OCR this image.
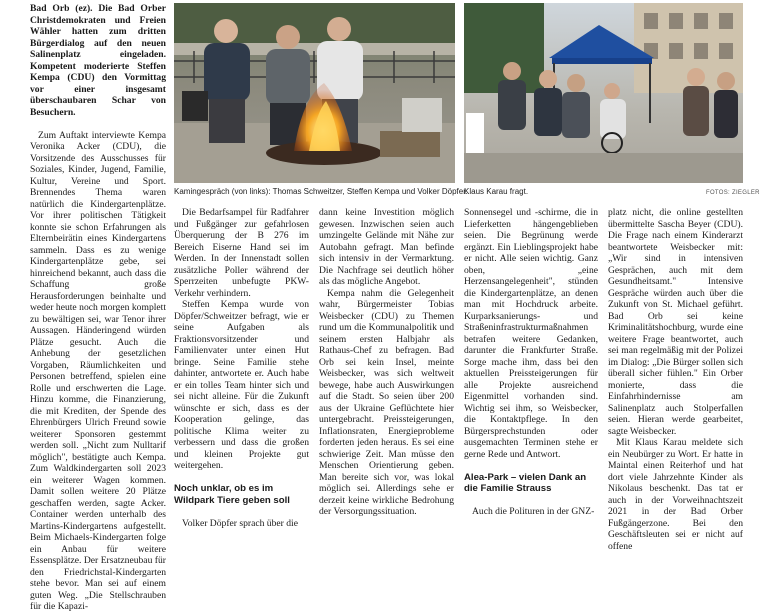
Bad Orb (ez). Die Bad Orber Christdemokraten und Freien Wähler hatten zum dritten Bürgerdialog auf den neuen Salinenplatz eingeladen. Kompetent moderierte Steffen Kempa (CDU) den Vormittag vor einer insgesamt überschaubaren Schar von Besuchern.

Zum Auftakt interviewte Kempa Veronika Acker (CDU), die Vorsitzende des Ausschusses für Soziales, Kinder, Jugend, Familie, Kultur, Vereine und Sport. Brennendes Thema waren natürlich die Kindergartenplätze. Vor ihrer politischen Tätigkeit konnte sie schon Erfahrungen als Elternbeirätin eines Kindergartens sammeln. Dass es zu wenige Kindergartenplätze gebe, sei hinreichend bekannt, auch dass die Schaffung große Herausforderungen beinhalte und weder heute noch morgen komplett zu bewältigen sei, war Tenor ihrer Aussagen. Händeringend würden Plätze gesucht. Auch die Anhebung der gesetzlichen Vorgaben, Räumlichkeiten und Personen betreffend, spielen eine Rolle und erschwerten die Lage. Hinzu komme, die Finanzierung, die mit Krediten, der Spende des Ehrenbürgers Ulrich Freund sowie weiterer Sponsoren gestemmt werden soll. „Nicht zum Nulltarif möglich", bestätigte auch Kempa. Zum Waldkindergarten soll 2023 ein weiterer Wagen kommen. Damit sollen weitere 20 Plätze geschaffen werden, sagte Acker. Container werden unterhalb des Martins-Kindergartens aufgestellt. Beim Michaels-Kindergarten folge ein Anbau für weitere Essensplätze. Der Ersatzneubau für den Friedrichstal-Kindergarten stehe bevor. Man sei auf einem guten Weg. „Die Stellschrauben für die Kapazi-

Kamingespräch (von links): Thomas Schweitzer, Steffen Kempa und Volker Döpfer.
Klaus Karau fragt.	FOTOS: ZIEGLER

Die Bedarfsampel für Radfahrer und Fußgänger zur gefahrlosen Überquerung der B 276 im Bereich Eiserne Hand sei im Werden. In der Innenstadt sollen zusätzliche Poller während der Sperrzeiten unbefugte PKW-Verkehr verhindern.

Steffen Kempa wurde von Döpfer/Schweitzer befragt, wie er seine Aufgaben als Fraktionsvorsitzender und Familienvater unter einen Hut bringe. Seine Familie stehe dahinter, antwortete er. Auch habe er ein tolles Team hinter sich und sei nicht alleine. Für die Zukunft wünschte er sich, dass es der Kooperation gelinge, das politische Klima weiter zu verbessern und dass die großen und kleinen Projekte gut weitergehen.

Noch unklar, ob es im Wildpark Tiere geben soll

Volker Döpfer sprach über die

dann keine Investition möglich gewesen. Inzwischen seien auch umzingelte Gelände mit Nähe zur Autobahn gefragt. Man befinde sich intensiv in der Vermarktung. Die Nachfrage sei deutlich höher als das mögliche Angebot.

Kempa nahm die Gelegenheit wahr, Bürgermeister Tobias Weisbecker (CDU) zu Themen rund um die Kommunalpolitik und seinem ersten Halbjahr als Rathaus-Chef zu befragen. Bad Orb sei kein Insel, meinte Weisbecker, was sich weltweit bewege, habe auch Auswirkungen auf die Stadt. So seien über 200 aus der Ukraine Geflüchtete hier untergebracht. Preissteigerungen, Inflationsraten, Energieprobleme forderten jeden heraus. Es sei eine schwierige Zeit. Man müsse den Menschen Orientierung geben. Man bereite sich vor, was lokal möglich sei. Allerdings sehe er derzeit keine wirkliche Bedrohung der Versorgungssituation.

Sonnensegel und -schirme, die in Lieferketten hängengeblieben seien. Die Begrünung werde ergänzt. Ein Lieblingsprojekt habe er nicht. Alle seien wichtig. Ganz oben, „eine Herzensangelegenheit", stünden die Kindergartenplätze, an denen man mit Hochdruck arbeite. Kurparksanierungs- und Straßeninfrastrukturmaßnahmen betrafen weitere Gedanken, darunter die Frankfurter Straße. Sorge mache ihm, dass bei den aktuellen Preissteigerungen für alle Projekte ausreichend Eigenmittel vorhanden sind. Wichtig sei ihm, so Weisbecker, die Kontaktpflege. In den Bürgersprechstunden oder ausgemachten Terminen stehe er gerne Rede und Antwort.

Alea-Park – vielen Dank an die Familie Strauss

Auch die Polituren in der GNZ-

platz nicht, die online gestellten übermittelte Sascha Beyer (CDU). Die Frage nach einem Kinderarzt beantwortete Weisbecker mit: „Wir sind in intensiven Gesprächen, auch mit dem Gesundheitsamt." Intensive Gespräche würden auch über die Zukunft von St. Michael geführt. Bad Orb sei keine Kriminalitätshochburg, wurde eine weitere Frage beantwortet, auch sei man regelmäßig mit der Polizei im Dialog: „Die Bürger sollen sich überall sicher fühlen." Ein Orber monierte, dass die Einfahrhindernisse am Salinenplatz auch Stolperfallen seien. Hieran werde gearbeitet, sagte Weisbecker.

Mit Klaus Karau meldete sich ein Neubürger zu Wort. Er hatte in Maintal einen Reiterhof und hat dort viele Jahrzehnte Kinder als Nikolaus beschenkt. Das tat er auch in der Vorweihnachtszeit 2021 in der Bad Orber Fußgängerzone. Bei den Geschäftsleuten sei er nicht auf offene
